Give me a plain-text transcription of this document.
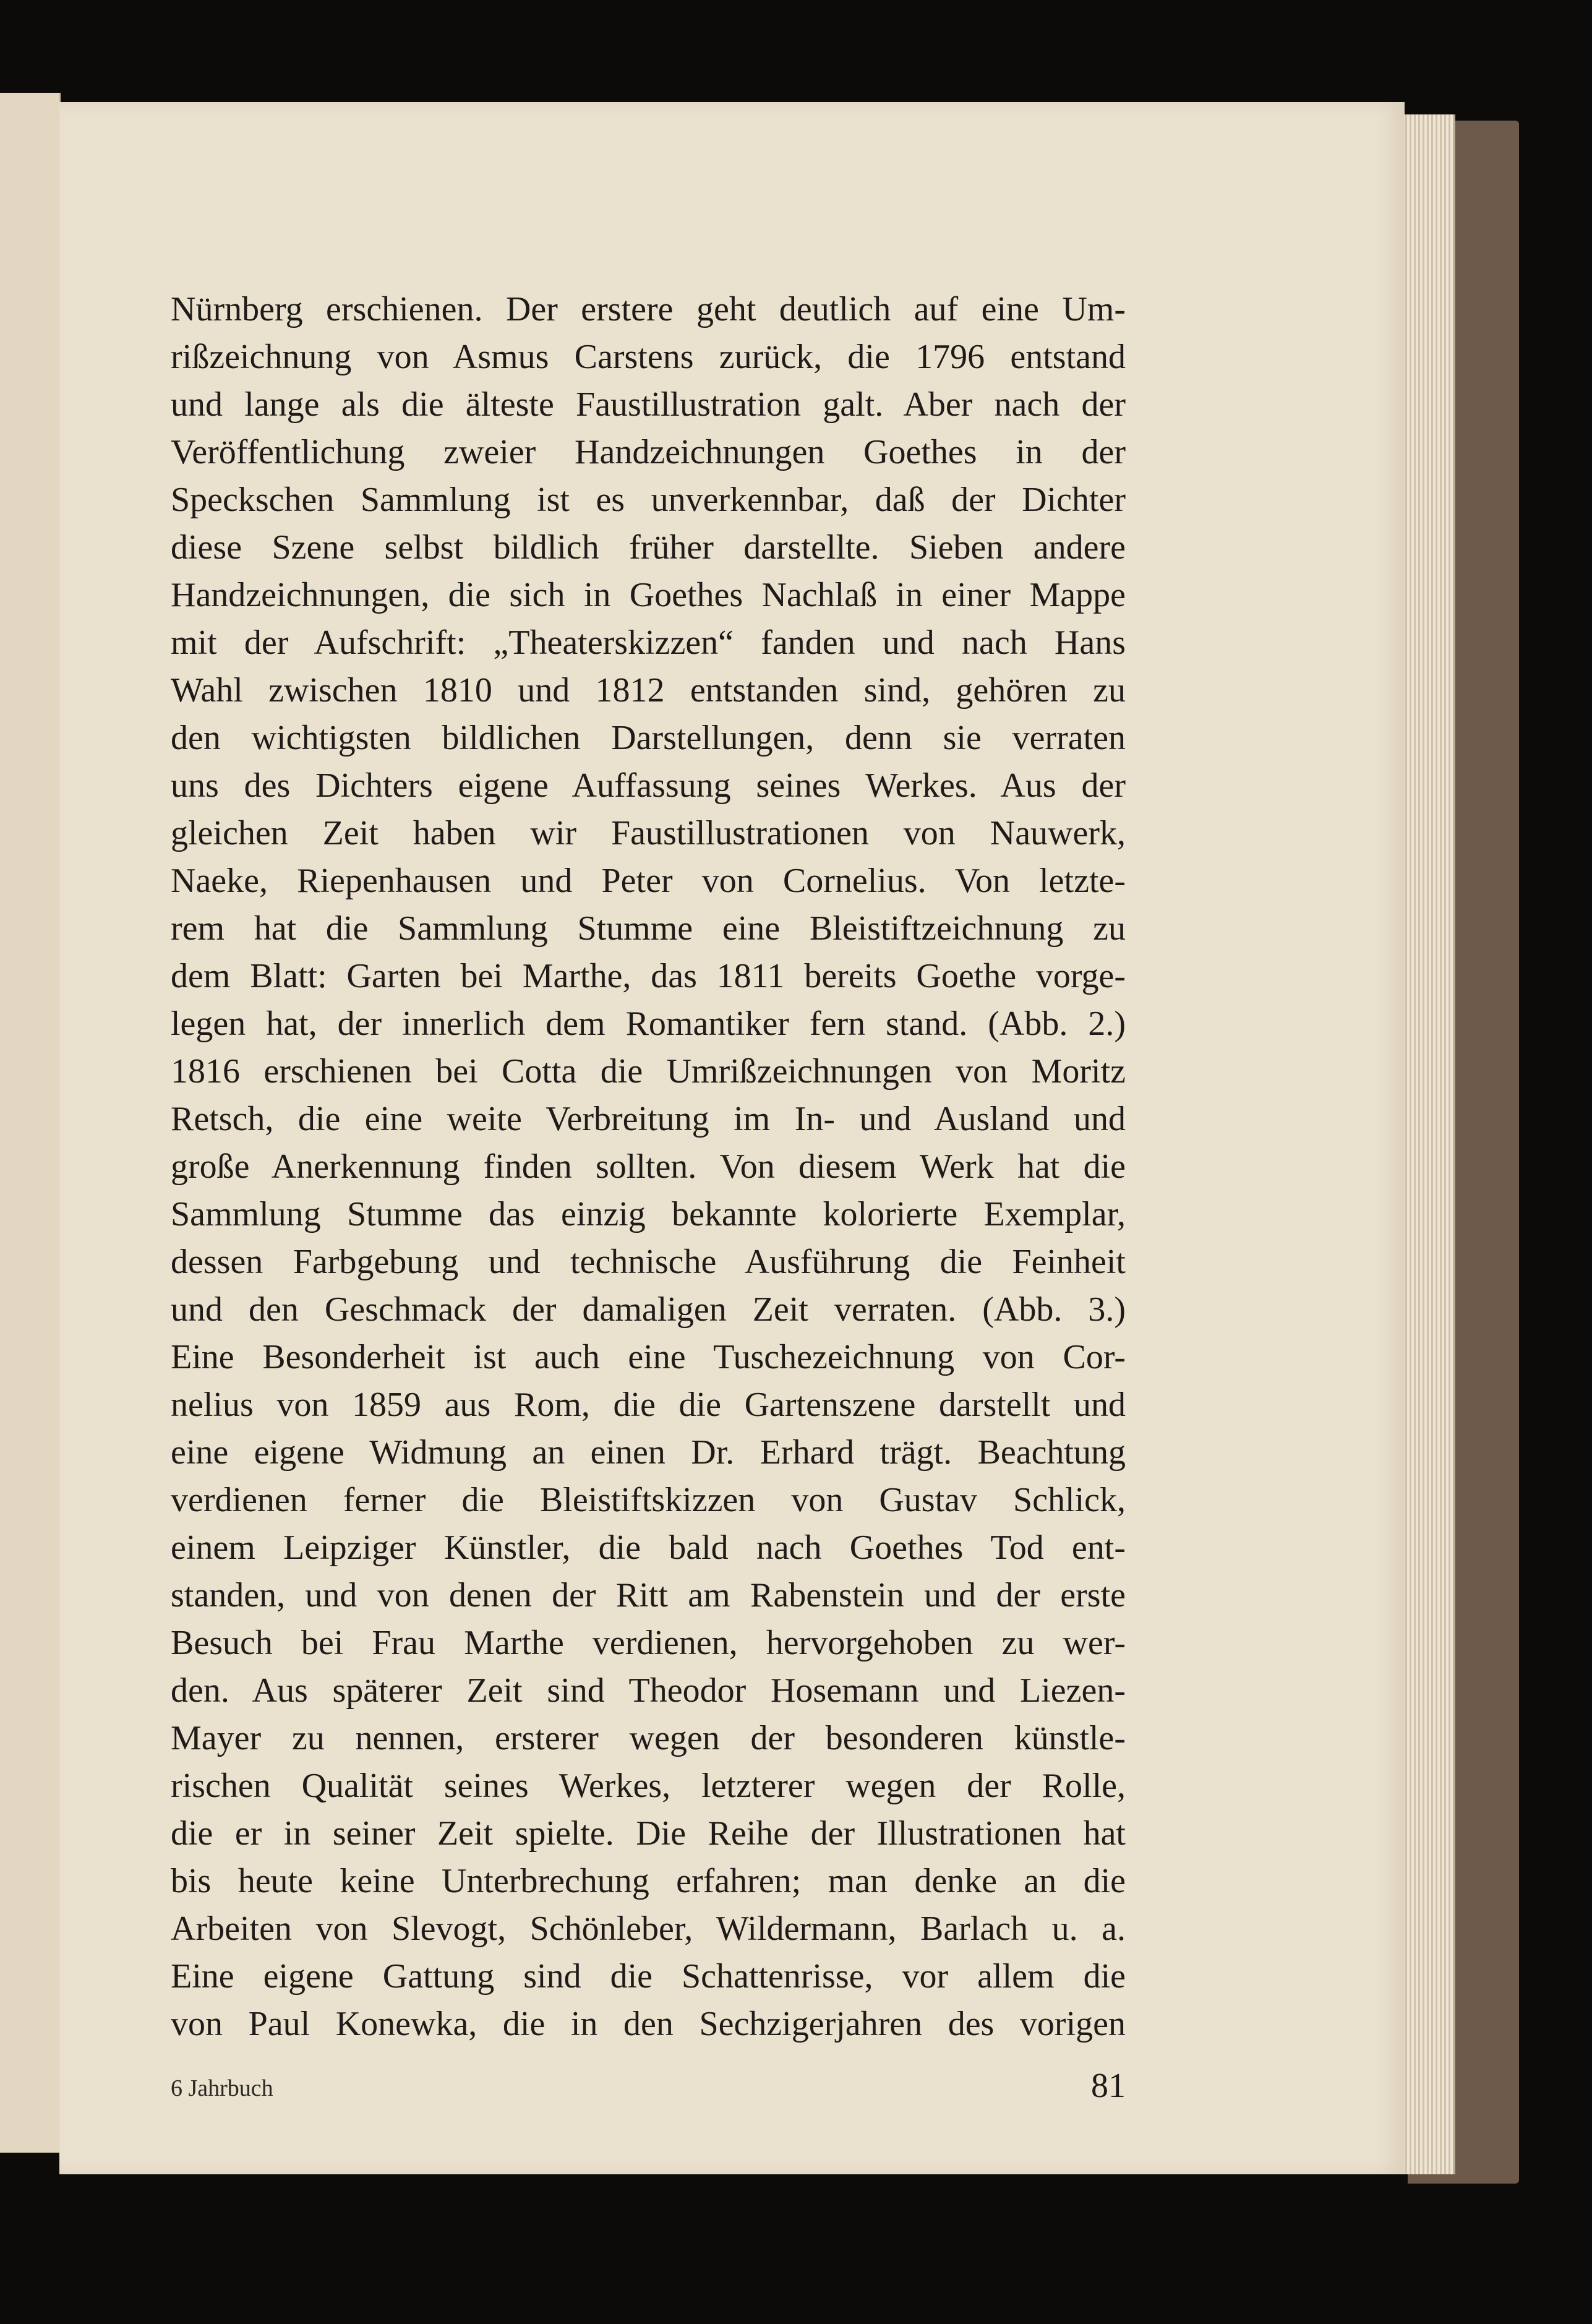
Nürnberg erschienen. Der erstere geht deutlich auf eine Um-
rißzeichnung von Asmus Carstens zurück, die 1796 entstand
und lange als die älteste Faustillustration galt. Aber nach der
Veröffentlichung zweier Handzeichnungen Goethes in der
Speckschen Sammlung ist es unverkennbar, daß der Dichter
diese Szene selbst bildlich früher darstellte. Sieben andere
Handzeichnungen, die sich in Goethes Nachlaß in einer Mappe
mit der Aufschrift: „Theaterskizzen“ fanden und nach Hans
Wahl zwischen 1810 und 1812 entstanden sind, gehören zu
den wichtigsten bildlichen Darstellungen, denn sie verraten
uns des Dichters eigene Auffassung seines Werkes. Aus der
gleichen Zeit haben wir Faustillustrationen von Nauwerk,
Naeke, Riepenhausen und Peter von Cornelius. Von letzte-
rem hat die Sammlung Stumme eine Bleistiftzeichnung zu
dem Blatt: Garten bei Marthe, das 1811 bereits Goethe vorge-
legen hat, der innerlich dem Romantiker fern stand. (Abb. 2.)
1816 erschienen bei Cotta die Umrißzeichnungen von Moritz
Retsch, die eine weite Verbreitung im In- und Ausland und
große Anerkennung finden sollten. Von diesem Werk hat die
Sammlung Stumme das einzig bekannte kolorierte Exemplar,
dessen Farbgebung und technische Ausführung die Feinheit
und den Geschmack der damaligen Zeit verraten. (Abb. 3.)
Eine Besonderheit ist auch eine Tuschezeichnung von Cor-
nelius von 1859 aus Rom, die die Gartenszene darstellt und
eine eigene Widmung an einen Dr. Erhard trägt. Beachtung
verdienen ferner die Bleistiftskizzen von Gustav Schlick,
einem Leipziger Künstler, die bald nach Goethes Tod ent-
standen, und von denen der Ritt am Rabenstein und der erste
Besuch bei Frau Marthe verdienen, hervorgehoben zu wer-
den. Aus späterer Zeit sind Theodor Hosemann und Liezen-
Mayer zu nennen, ersterer wegen der besonderen künstle-
rischen Qualität seines Werkes, letzterer wegen der Rolle,
die er in seiner Zeit spielte. Die Reihe der Illustrationen hat
bis heute keine Unterbrechung erfahren; man denke an die
Arbeiten von Slevogt, Schönleber, Wildermann, Barlach u. a.
Eine eigene Gattung sind die Schattenrisse, vor allem die
von Paul Konewka, die in den Sechzigerjahren des vorigen
6 Jahrbuch	81
